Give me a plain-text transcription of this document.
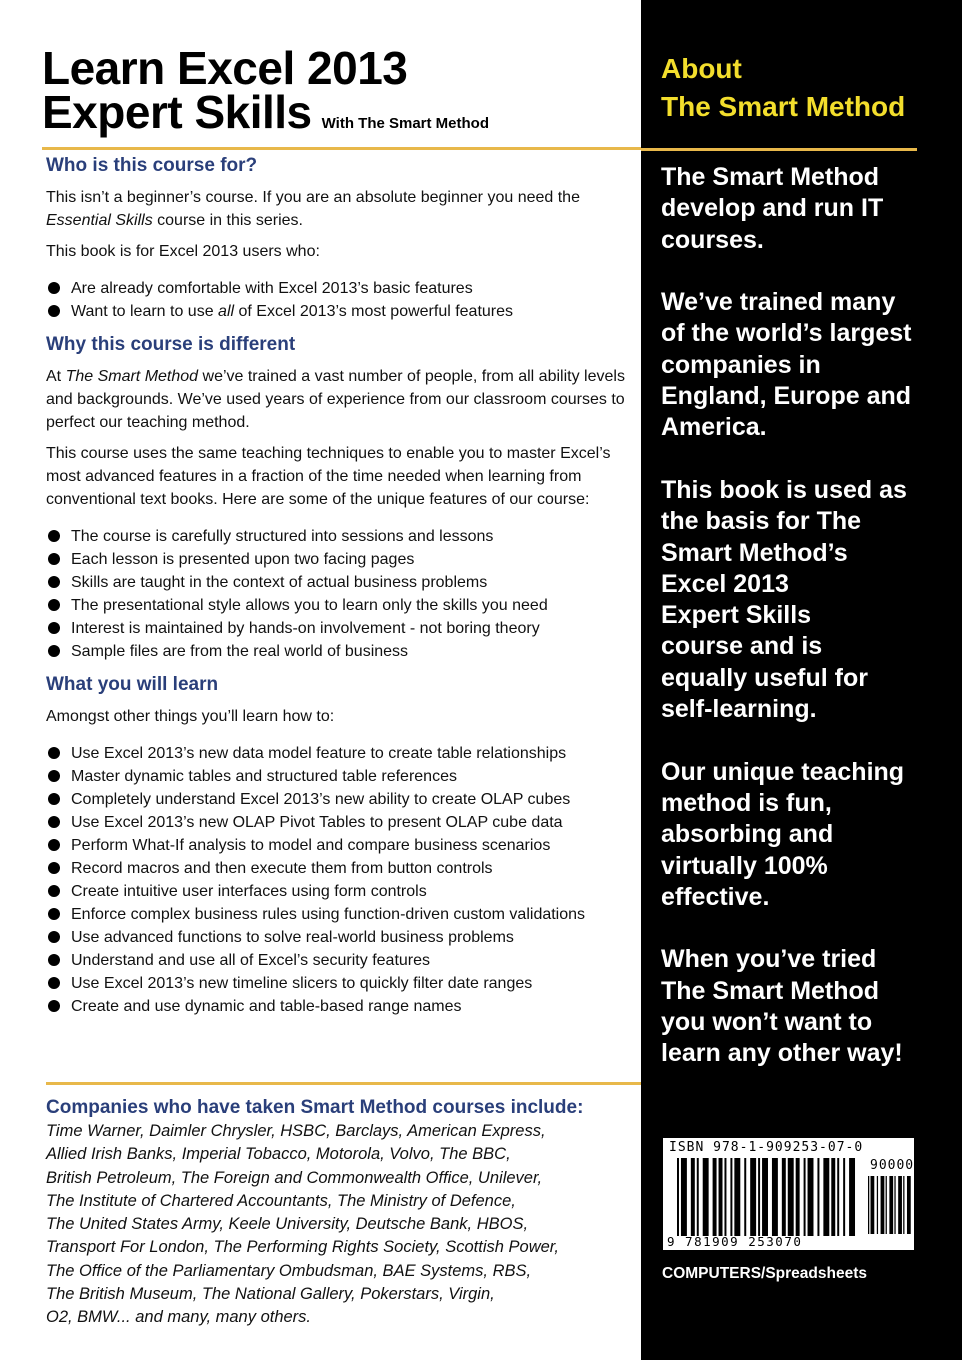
Learn Excel 2013
Expert Skills With The Smart Method
Who is this course for?

This isn’t a beginner’s course. If you are an absolute beginner you need the Essential Skills course in this series.

This book is for Excel 2013 users who:

Are already comfortable with Excel 2013’s basic features
Want to learn to use all of Excel 2013’s most powerful features
Why this course is different

At The Smart Method we’ve trained a vast number of people, from all ability levels and backgrounds. We’ve used years of experience from our classroom courses to perfect our teaching method.

This course uses the same teaching techniques to enable you to master Excel’s most advanced features in a fraction of the time needed when learning from conventional text books. Here are some of the unique features of our course:

The course is carefully structured into sessions and lessons
Each lesson is presented upon two facing pages
Skills are taught in the context of actual business problems
The presentational style allows you to learn only the skills you need
Interest is maintained by hands-on involvement - not boring theory
Sample files are from the real world of business
What you will learn

Amongst other things you’ll learn how to:

Use Excel 2013’s new data model feature to create table relationships
Master dynamic tables and structured table references
Completely understand Excel 2013’s new ability to create OLAP cubes
Use Excel 2013’s new OLAP Pivot Tables to present OLAP cube data
Perform What-If analysis to model and compare business scenarios
Record macros and then execute them from button controls
Create intuitive user interfaces using form controls
Enforce complex business rules using function-driven custom validations
Use advanced functions to solve real-world business problems
Understand and use all of Excel’s security features
Use Excel 2013’s new timeline slicers to quickly filter date ranges
Create and use dynamic and table-based range names
Companies who have taken Smart Method courses include:
Time Warner, Daimler Chrysler, HSBC, Barclays, American Express,
Allied Irish Banks, Imperial Tobacco, Motorola, Volvo, The BBC,
British Petroleum, The Foreign and Commonwealth Office, Unilever,
The Institute of Chartered Accountants, The Ministry of Defence,
The United States Army, Keele University, Deutsche Bank, HBOS,
Transport For London, The Performing Rights Society, Scottish Power,
The Office of the Parliamentary Ombudsman, BAE Systems, RBS,
The British Museum, The National Gallery, Pokerstars, Virgin,
O2, BMW... and many, many others.
About
The Smart Method

The Smart Method
develop and run IT
courses.

We’ve trained many
of the world’s largest
companies in
England, Europe and
America.

This book is used as
the basis for The
Smart Method’s
Excel 2013
Expert Skills
course and is
equally useful for
self-learning.

Our unique teaching
method is fun,
absorbing and
virtually 100%
effective.

When you’ve tried
The Smart Method
you won’t want to
learn any other way!

ISBN 978-1-909253-07-0
90000
9 781909 253070
COMPUTERS/Spreadsheets
